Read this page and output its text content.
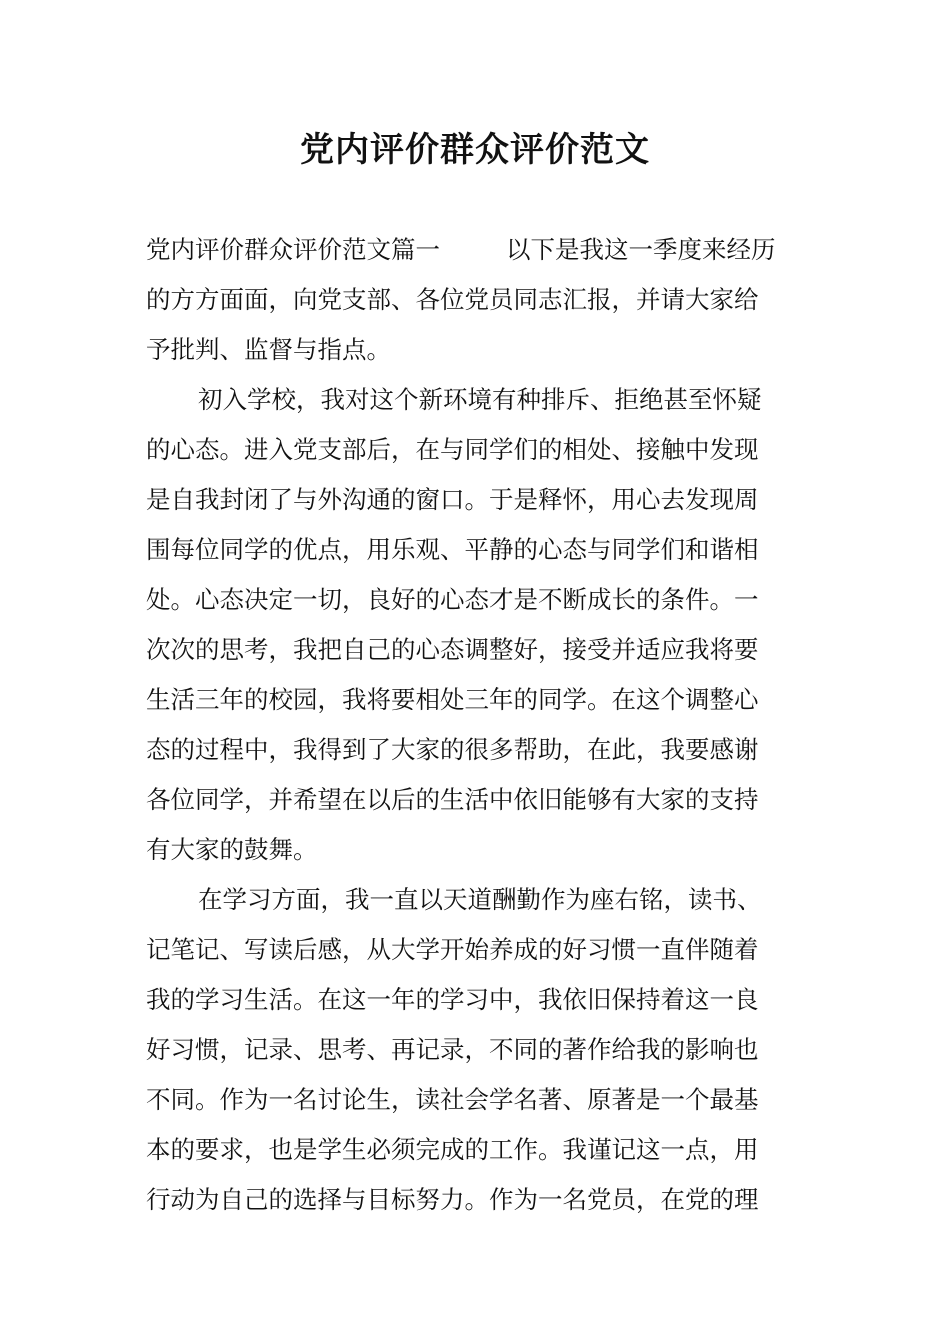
党内评价群众评价范文
党内评价群众评价范文篇一	以下是我这一季度来经历
的方方面面，向党支部、各位党员同志汇报，并请大家给
予批判、监督与指点。
初入学校，我对这个新环境有种排斥、拒绝甚至怀疑
的心态。进入党支部后，在与同学们的相处、接触中发现
是自我封闭了与外沟通的窗口。于是释怀，用心去发现周
围每位同学的优点，用乐观、平静的心态与同学们和谐相
处。心态决定一切，良好的心态才是不断成长的条件。一
次次的思考，我把自己的心态调整好，接受并适应我将要
生活三年的校园，我将要相处三年的同学。在这个调整心
态的过程中，我得到了大家的很多帮助，在此，我要感谢
各位同学，并希望在以后的生活中依旧能够有大家的支持
有大家的鼓舞。
在学习方面，我一直以天道酬勤作为座右铭，读书、
记笔记、写读后感，从大学开始养成的好习惯一直伴随着
我的学习生活。在这一年的学习中，我依旧保持着这一良
好习惯，记录、思考、再记录，不同的著作给我的影响也
不同。作为一名讨论生，读社会学名著、原著是一个最基
本的要求，也是学生必须完成的工作。我谨记这一点，用
行动为自己的选择与目标努力。作为一名党员，在党的理
